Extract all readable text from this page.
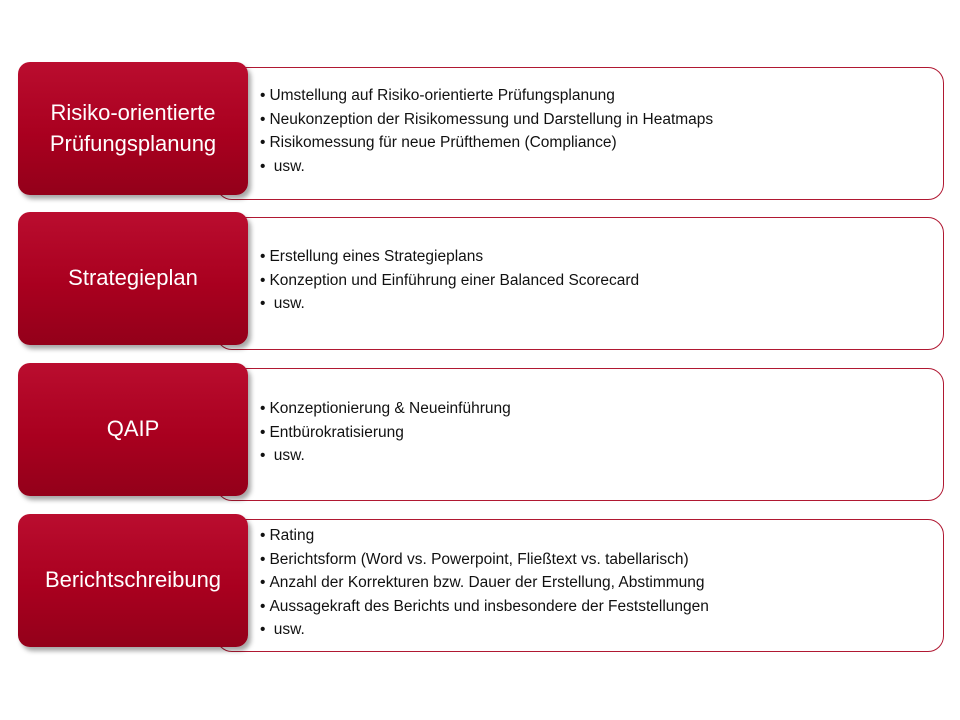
Risiko-orientierte
Prüfungsplanung
• Umstellung auf Risiko-orientierte Prüfungsplanung
• Neukonzeption der Risikomessung und Darstellung in Heatmaps
• Risikomessung für neue Prüfthemen (Compliance)
• usw.
Strategieplan
• Erstellung eines Strategieplans
• Konzeption und Einführung einer Balanced Scorecard
• usw.
QAIP
• Konzeptionierung & Neueinführung
• Entbürokratisierung
• usw.
Berichtschreibung
• Rating
• Berichtsform (Word vs. Powerpoint, Fließtext vs. tabellarisch)
• Anzahl der Korrekturen bzw. Dauer der Erstellung, Abstimmung
• Aussagekraft des Berichts und insbesondere der Feststellungen
• usw.
